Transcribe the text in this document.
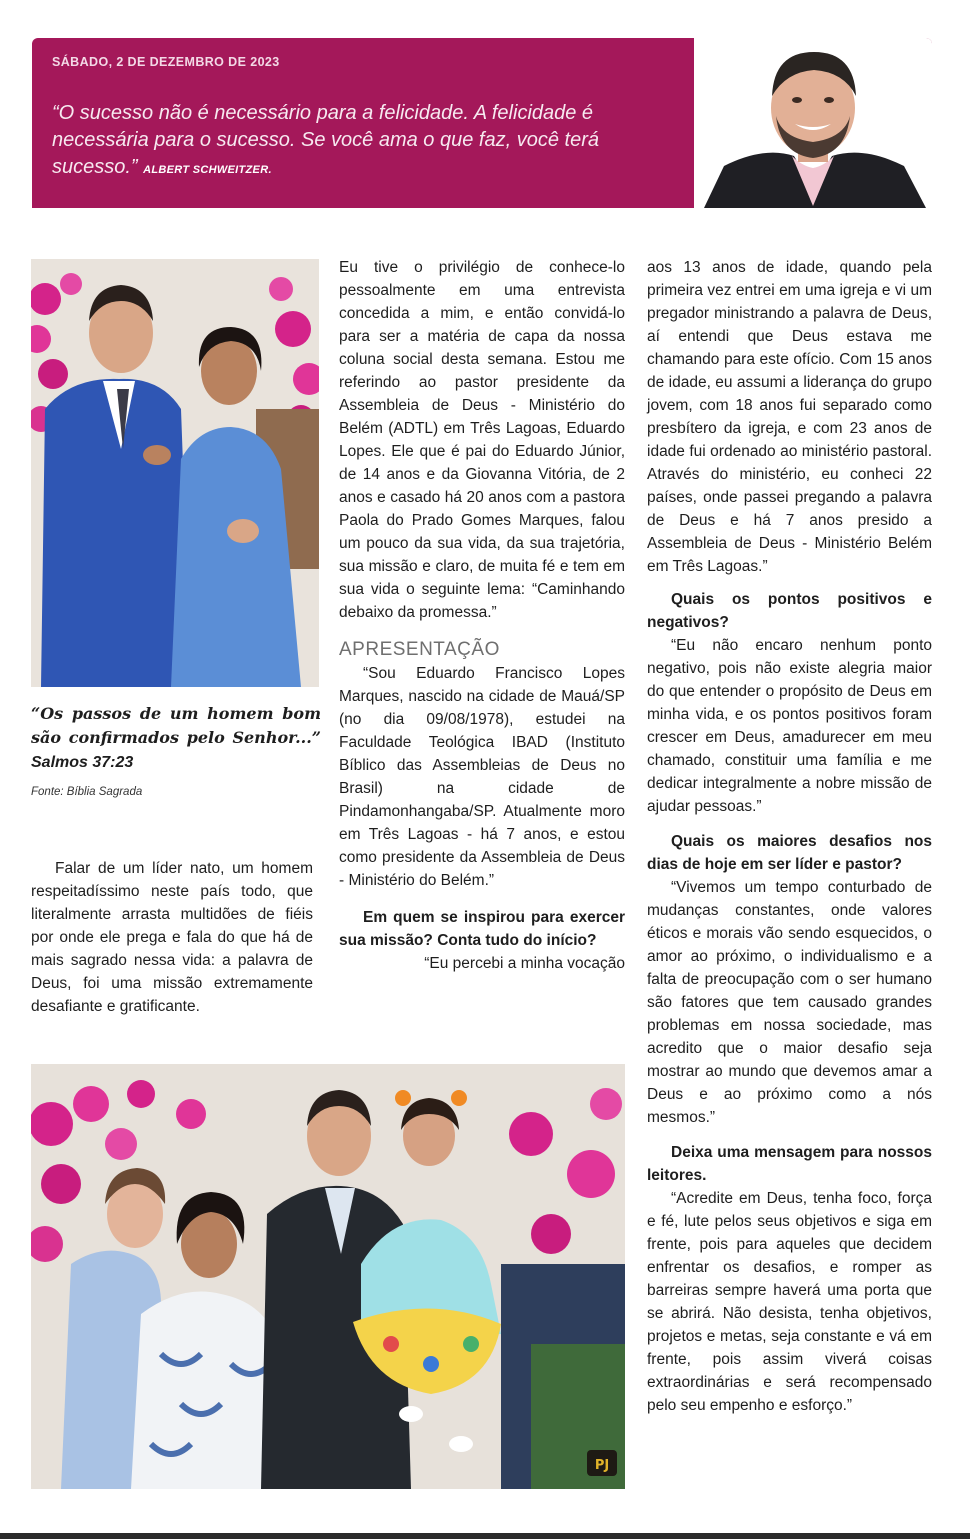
SÁBADO, 2 DE DEZEMBRO DE 2023
“O sucesso não é necessário para a felicidade. A felicidade é necessária para o sucesso. Se você ama o que faz, você terá sucesso.” ALBERT SCHWEITZER.
“Os passos de um homem bom são confirmados pelo Senhor...” Salmos 37:23
Fonte: Bíblia Sagrada

Falar de um líder nato, um homem respeitadíssimo neste país todo, que literalmente arrasta multidões de fiéis por onde ele prega e fala do que há de mais sagrado nessa vida: a palavra de Deus, foi uma missão extremamente desafiante e gratificante.

Eu tive o privilégio de conhece-lo pessoalmente em uma entrevista concedida a mim, e então convidá-lo para ser a matéria de capa da nossa coluna social desta semana. Estou me referindo ao pastor presidente da Assembleia de Deus - Ministério do Belém (ADTL) em Três Lagoas, Eduardo Lopes. Ele que é pai do Eduardo Júnior, de 14 anos e da Giovanna Vitória, de 2 anos e casado há 20 anos com a pastora Paola do Prado Gomes Marques, falou um pouco da sua vida, da sua trajetória, sua missão e claro, de muita fé e tem em sua vida o seguinte lema: “Caminhando debaixo da promessa.”

APRESENTAÇÃO

“Sou Eduardo Francisco Lopes Marques, nascido na cidade de Mauá/SP (no dia 09/08/1978), estudei na Faculdade Teológica IBAD (Instituto Bíblico das Assembleias de Deus no Brasil) na cidade de Pindamonhangaba/SP. Atualmente moro em Três Lagoas - há 7 anos, e estou como presidente da Assembleia de Deus - Ministério do Belém.”

Em quem se inspirou para exercer sua missão? Conta tudo do início?

“Eu percebi a minha vocação

PJ

aos 13 anos de idade, quando pela primeira vez entrei em uma igreja e vi um pregador ministrando a palavra de Deus, aí entendi que Deus estava me chamando para este ofício. Com 15 anos de idade, eu assumi a liderança do grupo jovem, com 18 anos fui separado como presbítero da igreja, e com 23 anos de idade fui ordenado ao ministério pastoral. Através do ministério, eu conheci 22 países, onde passei pregando a palavra de Deus e há 7 anos presido a Assembleia de Deus - Ministério Belém em Três Lagoas.”

Quais os pontos positivos e negativos?

“Eu não encaro nenhum ponto negativo, pois não existe alegria maior do que entender o propósito de Deus em minha vida, e os pontos positivos foram crescer em Deus, amadurecer em meu chamado, constituir uma família e me dedicar integralmente a nobre missão de ajudar pessoas.”

Quais os maiores desafios nos dias de hoje em ser líder e pastor?

“Vivemos um tempo conturbado de mudanças constantes, onde valores éticos e morais vão sendo esquecidos, o amor ao próximo, o individualismo e a falta de preocupação com o ser humano são fatores que tem causado grandes problemas em nossa sociedade, mas acredito que o maior desafio seja mostrar ao mundo que devemos amar a Deus e ao próximo como a nós mesmos.”

Deixa uma mensagem para nossos leitores.

“Acredite em Deus, tenha foco, força e fé, lute pelos seus objetivos e siga em frente, pois para aqueles que decidem enfrentar os desafios, e romper as barreiras sempre haverá uma porta que se abrirá. Não desista, tenha objetivos, projetos e metas, seja constante e vá em frente, pois assim viverá coisas extraordinárias e será recompensado pelo seu empenho e esforço.”
